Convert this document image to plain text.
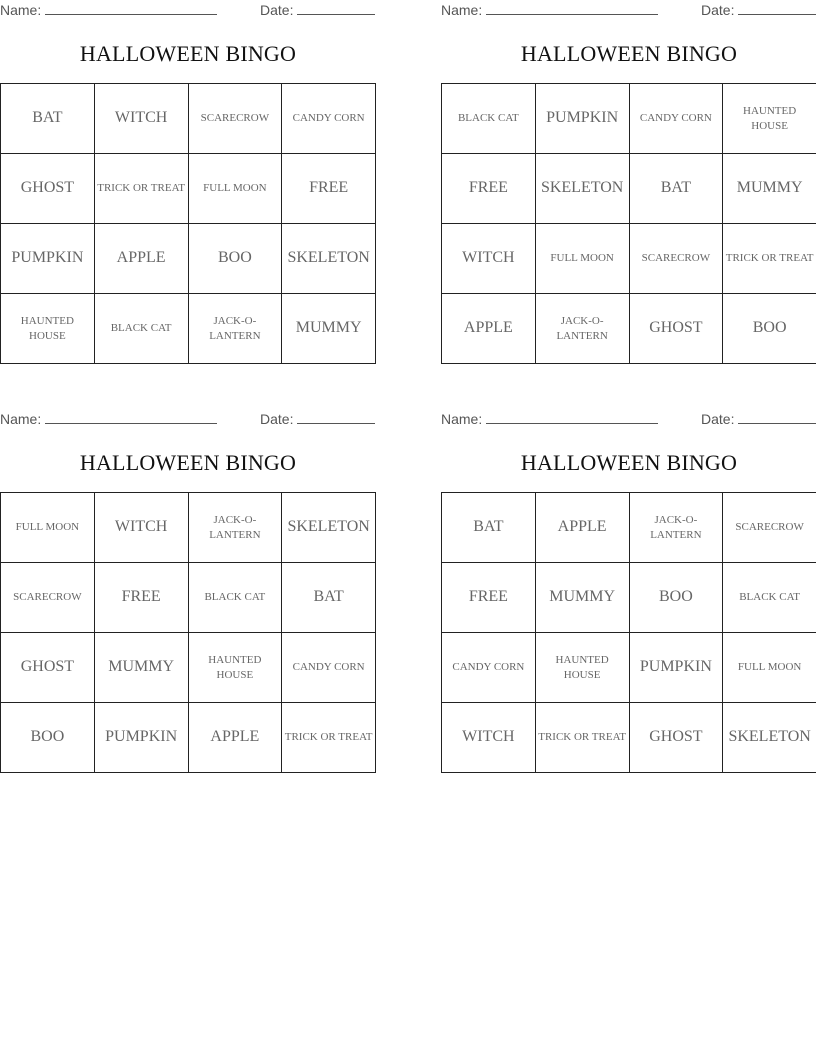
Name:	Date:
HALLOWEEN BINGO
BAT	WITCH	SCARECROW	CANDY CORN
GHOST	TRICK OR TREAT	FULL MOON	FREE
PUMPKIN	APPLE	BOO	SKELETON
HAUNTED HOUSE	BLACK CAT	JACK-O-LANTERN	MUMMY
Name:	Date:
HALLOWEEN BINGO
BLACK CAT	PUMPKIN	CANDY CORN	HAUNTED HOUSE
FREE	SKELETON	BAT	MUMMY
WITCH	FULL MOON	SCARECROW	TRICK OR TREAT
APPLE	JACK-O-LANTERN	GHOST	BOO
Name:	Date:
HALLOWEEN BINGO
FULL MOON	WITCH	JACK-O-LANTERN	SKELETON
SCARECROW	FREE	BLACK CAT	BAT
GHOST	MUMMY	HAUNTED HOUSE	CANDY CORN
BOO	PUMPKIN	APPLE	TRICK OR TREAT
Name:	Date:
HALLOWEEN BINGO
BAT	APPLE	JACK-O-LANTERN	SCARECROW
FREE	MUMMY	BOO	BLACK CAT
CANDY CORN	HAUNTED HOUSE	PUMPKIN	FULL MOON
WITCH	TRICK OR TREAT	GHOST	SKELETON
